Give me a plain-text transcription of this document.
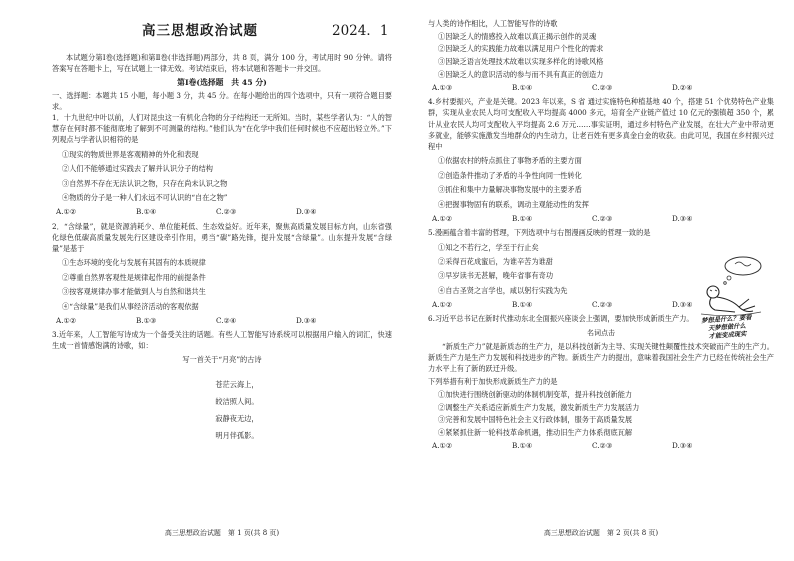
高三思想政治试题	2024．1

本试题分第Ⅰ卷(选择题)和第Ⅱ卷(非选择题)两部分，共 8 页，满分 100 分，考试用时 90 分钟。请将答案写在答题卡上，写在试题上一律无效。考试结束后，将本试题和答题卡一并交回。

第Ⅰ卷(选择题　共 45 分)

一、选择题：本题共 15 小题，每小题 3 分，共 45 分。在每小题给出的四个选项中，只有一项符合题目要求。

1．十九世纪中叶以前，人们对昆虫这一有机化合物的分子结构还一无所知。当时，某些学者认为：“人的智慧存在何时都不能彻底地了解到不可测量的结构。”他们认为“在化学中我们任何时候也不应超出轻立外。”下列观点与学者认识相符的是

①现实的物质世界是客观精神的外化和表现
②人们不能够通过实践去了解并认识分子的结构
③自然界不存在无法认识之物，只存在尚未认识之物
④物质的分子是一种人们永远不可认识的“自在之物”
A.①②	B.①④	C.②③	D.③④

2．“含绿量”，就是资源消耗少、单位能耗低、生态效益好。近年来，聚焦高质量发展目标方向，山东省强化绿色低碳高质量发展先行区建设牵引作用，勇当“碳”路先锋，提升发展“含绿量”。山东提升发展“含绿量”是基于

①生态环境的变化与发展有其固有的本质规律
②尊重自然界客观性是规律起作用的前提条件
③按客观规律办事才能做到人与自然和谐共生
④“含绿量”是我们从事经济活动的客观依据
A.①②	B.①③	C.②④	D.③④

3.近年来，人工智能写诗成为一个备受关注的话题。有些人工智能写诗系统可以根据用户输入的词汇，快速生成一首情感饱满的诗歌，如：

写一首关于“月亮”的古诗
苍茫云海上，
皎洁照人间。
寂静夜无边，
明月伴孤影。
高三思想政治试题　第 1 页(共 8 页)

与人类的诗作相比，人工智能写作的诗歌

①因缺乏人的情感投入故难以真正揭示创作的灵魂
②因缺乏人的实践能力故难以满足用户个性化的需求
③因缺乏语言处理技术故难以实现多样化的诗歌风格
④因缺乏人的意识活动的参与而不具有真正的创造力
A.①③	B.①④	C.②③	D.②④

4.乡村要振兴，产业是关键。2023 年以来，S 省 通过实施特色种植基地 40 个，搭建 51 个优势特色产业集群，实现从业农民人均可支配收入平均提高 4000 多元，培育全产业链产值过 10 亿元的强镇超 350 个，累计从业农民人均可支配收入平均提高 2.6 万元……事实证明，通过乡村特色产业发展，在壮大产业中带动更多就业，能够实施激发当地群众的内生动力，让老百姓有更多真金白金的收获。由此可见，我国在乡村振兴过程中

①依据农村的特点抓住了事物矛盾的主要方面
②创造条件推动了矛盾的斗争性向同一性转化
③抓住和集中力量解决事物发展中的主要矛盾
④把握事物固有的联系，调动主观能动性的发挥
A.①②	B.①④	C.②③	D.③④

5.漫画蕴含着丰富的哲理，下列选项中与右图漫画反映的哲理一致的是

①知之不若行之，学至于行止矣
②采得百花成蜜后，为谁辛苦为谁甜
③早岁读书无甚解，晚年省事有奇功
④自古圣贤之言学也，咸以躬行实践为先
A.①②	B.①④	C.②③	D.③④
梦想是什么？要看
天梦想做什么
才能变成现实

6.习近平总书记在新时代推动东北全面振兴座谈会上强调，要加快形成新质生产力。

名词点击

“新质生产力”就是新质态的生产力，是以科技创新为主导、实现关键性颠覆性技术突破而产生的生产力。新质生产力是生产力发展和科技进步的产物。新质生产力的提出，意味着我国社会生产力已经在传统社会生产力水平上有了新的跃迁升级。

下列举措有利于加快形成新质生产力的是

①加快进行围绕创新驱动的体制机制变革，提升科技创新能力
②调整生产关系适应新质生产力发展，激发新质生产力发展活力
③完善和发展中国特色社会主义行政体制，服务于高质量发展
④紧紧抓住新一轮科技革命机遇，推动旧生产力体系彻底瓦解
A.①②	B.①④	C.②③	D.③④
高三思想政治试题　第 2 页(共 8 页)
